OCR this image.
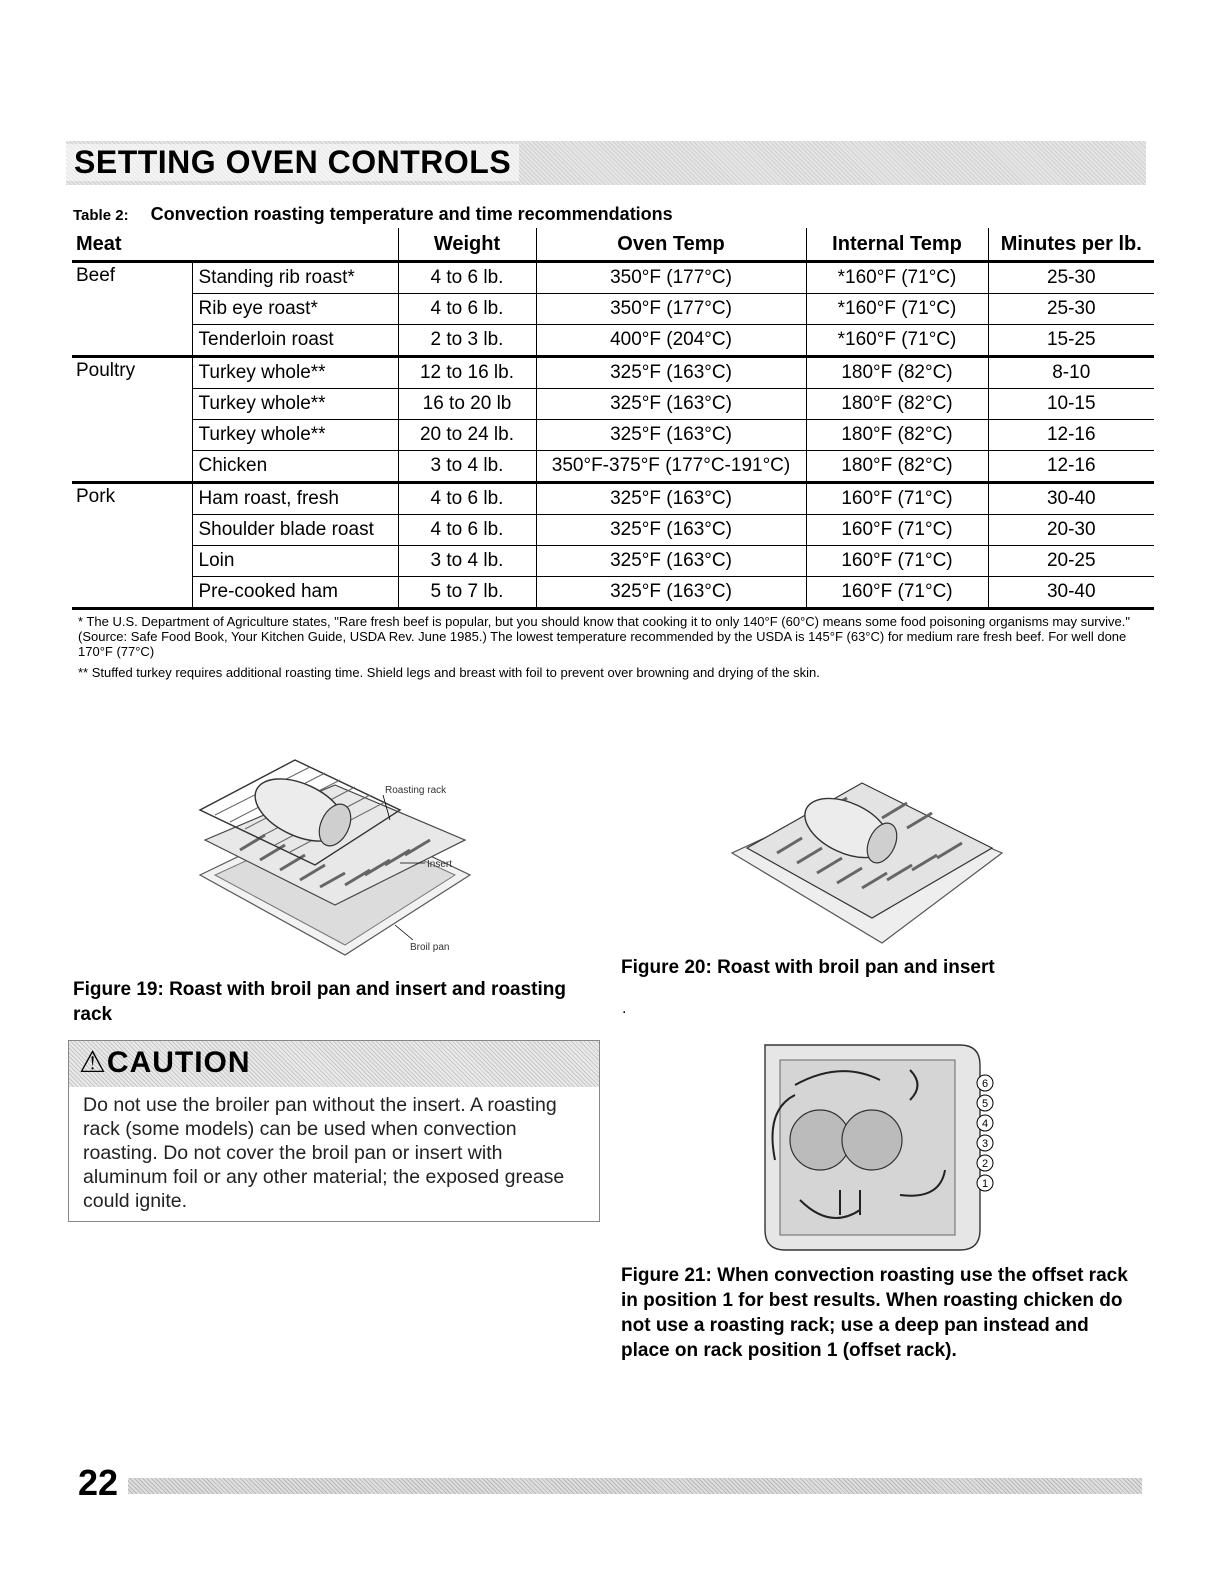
SETTING OVEN CONTROLS
Table 2: Convection roasting temperature and time recommendations
Meat		Weight	Oven Temp	Internal Temp	Minutes per lb.
Beef	Standing rib roast*	4 to 6 lb.	350°F (177°C)	*160°F (71°C)	25-30
	Rib eye roast*	4 to 6 lb.	350°F (177°C)	*160°F (71°C)	25-30
	Tenderloin roast	2 to 3 lb.	400°F (204°C)	*160°F (71°C)	15-25
Poultry	Turkey whole**	12 to 16 lb.	325°F (163°C)	180°F (82°C)	8-10
	Turkey whole**	16 to 20 lb	325°F (163°C)	180°F (82°C)	10-15
	Turkey whole**	20 to 24 lb.	325°F (163°C)	180°F (82°C)	12-16
	Chicken	3 to 4 lb.	350°F-375°F (177°C-191°C)	180°F (82°C)	12-16
Pork	Ham roast, fresh	4 to 6 lb.	325°F (163°C)	160°F (71°C)	30-40
	Shoulder blade roast	4 to 6 lb.	325°F (163°C)	160°F (71°C)	20-30
	Loin	3 to 4 lb.	325°F (163°C)	160°F (71°C)	20-25
	Pre-cooked ham	5 to 7 lb.	325°F (163°C)	160°F (71°C)	30-40

* The U.S. Department of Agriculture states, "Rare fresh beef is popular, but you should know that cooking it to only 140°F (60°C) means some food poisoning organisms may survive." (Source: Safe Food Book, Your Kitchen Guide, USDA Rev. June 1985.) The lowest temperature recommended by the USDA is 145°F (63°C) for medium rare fresh beef. For well done 170°F (77°C)

** Stuffed turkey requires additional roasting time. Shield legs and breast with foil to prevent over browning and drying of the skin.

Roasting rack
Insert
Broil pan
Figure 19: Roast with broil pan and insert and roasting rack
Figure 20: Roast with broil pan and insert
.
⚠CAUTION
Do not use the broiler pan without the insert. A roasting rack (some models) can be used when convection roasting. Do not cover the broil pan or insert with aluminum foil or any other material; the exposed grease could ignite.
6
5
4
3
2
1
Figure 21: When convection roasting use the offset rack in position 1 for best results. When roasting chicken do not use a roasting rack; use a deep pan instead and place on rack position 1 (offset rack).
22
